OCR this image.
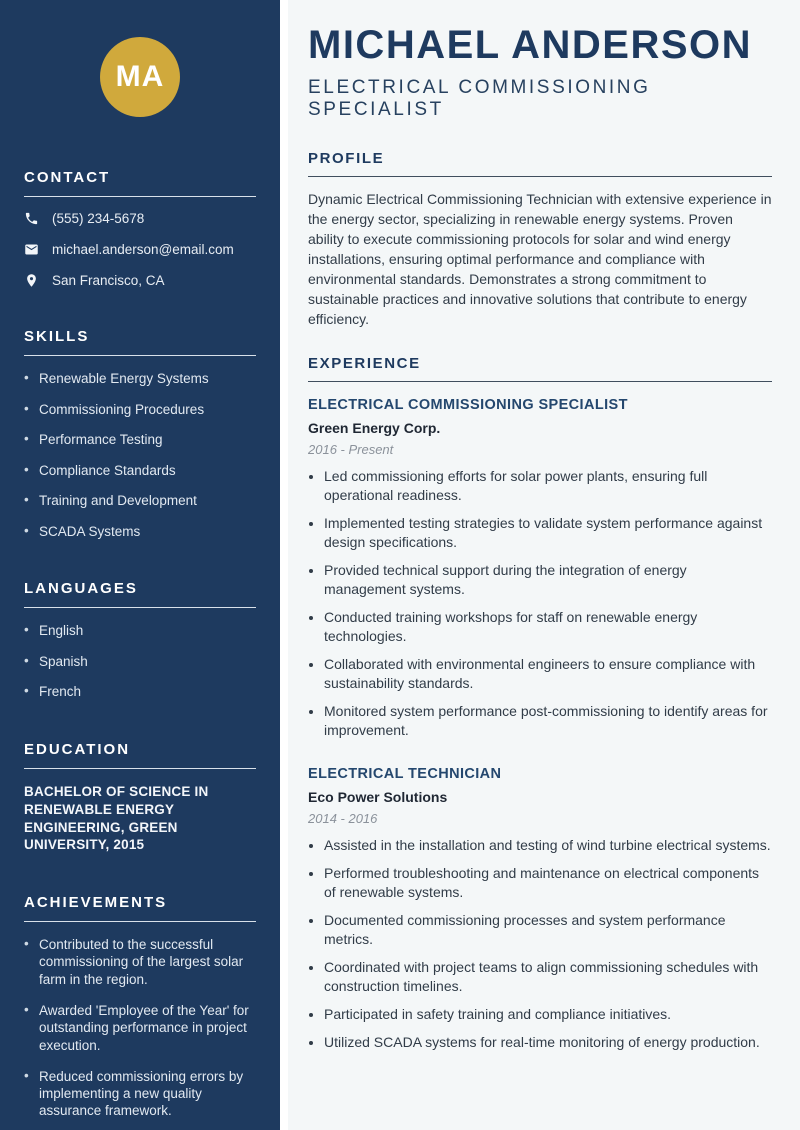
MA
CONTACT
(555) 234-5678
michael.anderson@email.com
San Francisco, CA
SKILLS
• Renewable Energy Systems
• Commissioning Procedures
• Performance Testing
• Compliance Standards
• Training and Development
• SCADA Systems
LANGUAGES
• English
• Spanish
• French
EDUCATION
BACHELOR OF SCIENCE IN RENEWABLE ENERGY ENGINEERING, GREEN UNIVERSITY, 2015
ACHIEVEMENTS
• Contributed to the successful commissioning of the largest solar farm in the region.
• Awarded 'Employee of the Year' for outstanding performance in project execution.
• Reduced commissioning errors by implementing a new quality assurance framework.
MICHAEL ANDERSON
ELECTRICAL COMMISSIONING SPECIALIST
PROFILE
Dynamic Electrical Commissioning Technician with extensive experience in the energy sector, specializing in renewable energy systems. Proven ability to execute commissioning protocols for solar and wind energy installations, ensuring optimal performance and compliance with environmental standards. Demonstrates a strong commitment to sustainable practices and innovative solutions that contribute to energy efficiency.
EXPERIENCE
ELECTRICAL COMMISSIONING SPECIALIST
Green Energy Corp.
2016 - Present
• Led commissioning efforts for solar power plants, ensuring full operational readiness.
• Implemented testing strategies to validate system performance against design specifications.
• Provided technical support during the integration of energy management systems.
• Conducted training workshops for staff on renewable energy technologies.
• Collaborated with environmental engineers to ensure compliance with sustainability standards.
• Monitored system performance post-commissioning to identify areas for improvement.
ELECTRICAL TECHNICIAN
Eco Power Solutions
2014 - 2016
• Assisted in the installation and testing of wind turbine electrical systems.
• Performed troubleshooting and maintenance on electrical components of renewable systems.
• Documented commissioning processes and system performance metrics.
• Coordinated with project teams to align commissioning schedules with construction timelines.
• Participated in safety training and compliance initiatives.
• Utilized SCADA systems for real-time monitoring of energy production.
